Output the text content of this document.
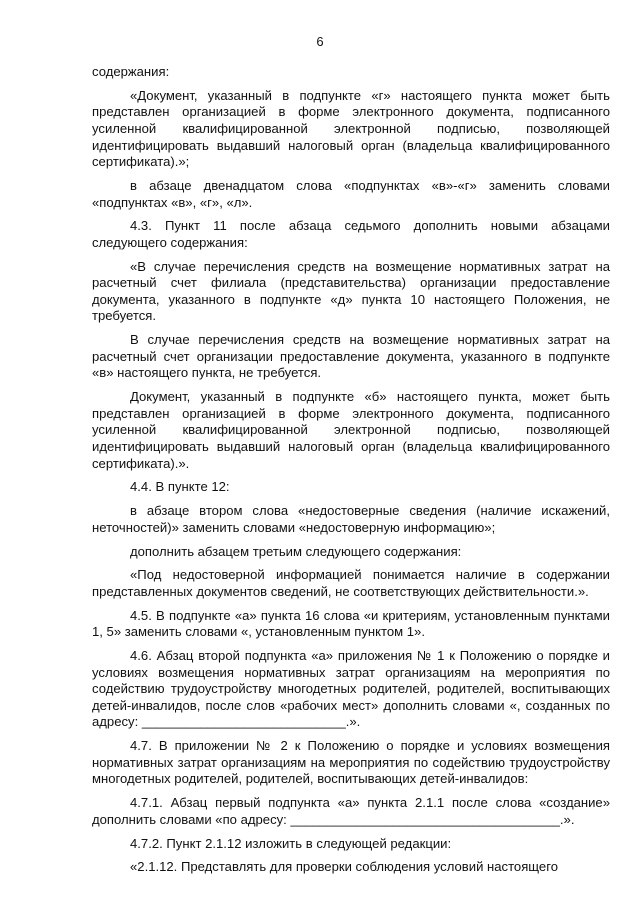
6

содержания:

«Документ, указанный в подпункте «г» настоящего пункта может быть представлен организацией в форме электронного документа, подписанного усиленной квалифицированной электронной подписью, позволяющей идентифицировать выдавший налоговый орган (владельца квалифицированного сертификата).»;

в абзаце двенадцатом слова «подпунктах «в»-«г» заменить словами «подпунктах «в», «г», «л».

4.3. Пункт 11 после абзаца седьмого дополнить новыми абзацами следующего содержания:

«В случае перечисления средств на возмещение нормативных затрат на расчетный счет филиала (представительства) организации предоставление документа, указанного в подпункте «д» пункта 10 настоящего Положения, не требуется.

В случае перечисления средств на возмещение нормативных затрат на расчетный счет организации предоставление документа, указанного в подпункте «в» настоящего пункта, не требуется.

Документ, указанный в подпункте «б» настоящего пункта, может быть представлен организацией в форме электронного документа, подписанного усиленной квалифицированной электронной подписью, позволяющей идентифицировать выдавший налоговый орган (владельца квалифицированного сертификата).».

4.4. В пункте 12:

в абзаце втором слова «недостоверные сведения (наличие искажений, неточностей)» заменить словами «недостоверную информацию»;

дополнить абзацем третьим следующего содержания:

«Под недостоверной информацией понимается наличие в содержании представленных документов сведений, не соответствующих действительности.».

4.5. В подпункте «а» пункта 16 слова «и критериям, установленным пунктами 1, 5» заменить словами «, установленным пунктом 1».

4.6. Абзац второй подпункта «а» приложения № 1 к Положению о порядке и условиях возмещения нормативных затрат организациям на мероприятия по содействию трудоустройству многодетных родителей, родителей, воспитывающих детей-инвалидов, после слов «рабочих мест» дополнить словами «, созданных по адресу: ____________________________.».

4.7. В приложении № 2 к Положению о порядке и условиях возмещения нормативных затрат организациям на мероприятия по содействию трудоустройству многодетных родителей, родителей, воспитывающих детей-инвалидов:

4.7.1. Абзац первый подпункта «а» пункта 2.1.1 после слова «создание» дополнить словами «по адресу: _____________________________________.».

4.7.2. Пункт 2.1.12 изложить в следующей редакции:

«2.1.12. Представлять для проверки соблюдения условий настоящего
